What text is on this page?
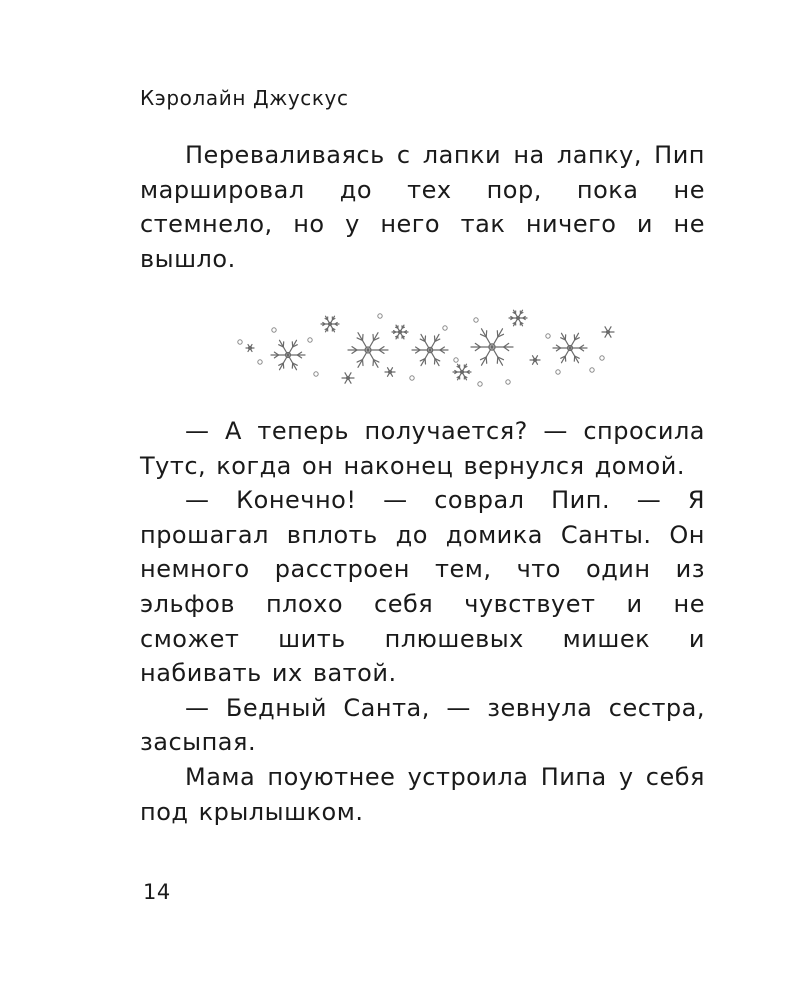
Кэролайн Джускус

Переваливаясь с лапки на лапку, Пип маршировал до тех пор, пока не стемнело, но у него так ничего и не вышло.

— А теперь получается? — спросила Тутс, когда он наконец вернулся домой.

— Конечно! — соврал Пип. — Я прошагал вплоть до домика Санты. Он немного расстроен тем, что один из эльфов плохо себя чувствует и не сможет шить плюшевых мишек и набивать их ватой.

— Бедный Санта, — зевнула сестра, засыпая.

Мама поуютнее устроила Пипа у себя под крылышком.

14
